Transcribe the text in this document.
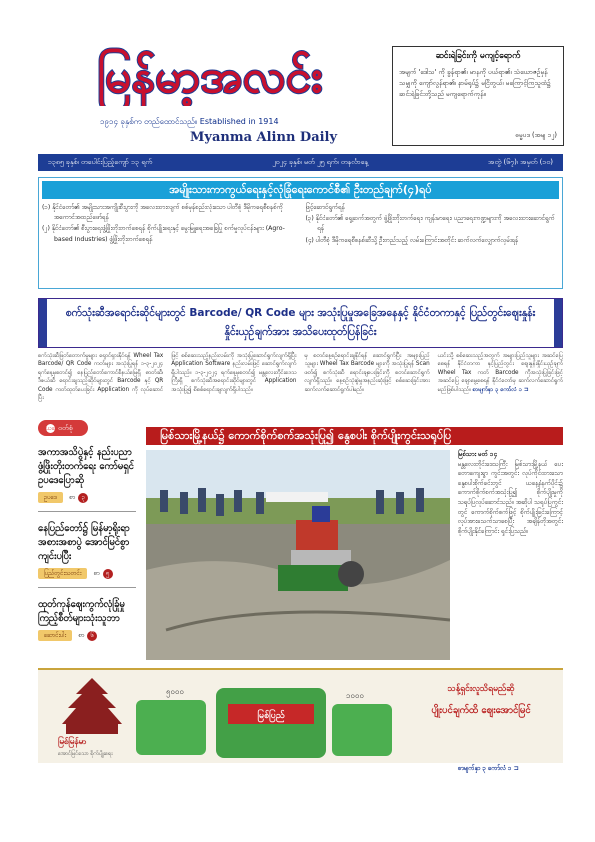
မြန်မာ့အလင်း
၁၉၁၄ ခုနှစ်က တည်ထောင်သည်။ Established in 1914
Myanma Alinn Daily
ဆင်းရဲခြင်းကို မကျင့်ရောက်
အမျက် 'ဒေါသ' ကို ခွန်ရာ၏၊ မာနကို ပယ်ရာ၏၊ သံယောဇဉ်မှန်သမျှကို ကျော်လွန်ရာ၏၊ နာမ်ရုပ်၌ မငြိတွယ်၊ မကြောင့်ကြသူထံ၌ ဆင်းရဲခြင်းတို့သည် မကျရောက်ကုန်။
ဓမ္မပဒ (အမျ ၁၂)
၁၃၈၅ ခုနှစ်၊ တပေါင်းပြည့်ကျော် ၁၃ ရက်	၂၀၂၄ ခုနှစ်၊ မတ် ၂၅ ရက်၊ တနင်္လာနေ့	အတွဲ (၆၇)၊ အမှတ် (၁၀)
အမျိုးသားကာကွယ်ရေးနှင့်လုံခြုံရေးကောင်စီ၏ ဦးတည်ချက်(၄)ရပ်

(၁) နိုင်ငံတော်၏ အမျိုးသားအကျိုးစီးပွားကို အလေးထားလျက် စစ်မှန်စည်းလုံးသော ပါတီစုံ ဒီမိုကရေစီစနစ်ကို အကောင်အထည်ဖော်ရန်

(၂) နိုင်ငံတော်၏ စီးပွားရေးဖွံ့ဖြိုးတိုးတက်စေရန် စိုက်ပျိုးရေးနှင့် မွေးမြူရေးအခြေပြု စက်မှုလုပ်ငန်းများ (Agro-based Industries) ဖွံ့ဖြိုးတိုးတက်စေရန်

ဖြင့်ဆောင်ရွက်ရန်

(၃) နိုင်ငံတော်၏ ရှေ့ဆက်အတွက် ဖွံ့ဖြိုးတိုးတက်ရေး၊ ကျန်းမာရေး၊ ပညာရေးကဏ္ဍများကို အလေးထားဆောင်ရွက်ရန်

(၄) ပါတီစုံ ဒီမိုကရေစီစနစ်ဆီသို့ ဦးတည်သည့် လမ်းကြောင်းအတိုင်း ဆက်လက်လျှောက်လှမ်းရန်

စက်သုံးဆီအရောင်းဆိုင်များတွင် Barcode/ QR Code များ အသုံးပြုမှုအခြေအနေနှင့် နိုင်ငံတကာနှင့် ပြည်တွင်းဈေးနှုန်းနှိုင်းယှဉ်ချက်အား အသိပေးထုတ်ပြန်ခြင်း
စက်သုံးဆီဖြတ်တောက်မှုများ ရှောင်ရှားနိုင်ရန် Wheel Tax Barcode/ QR Code ကတ်များ အသုံးပြုရန် ၁-၃-၂၀၂၄ ရက်နေ့မှစတင်၍ နေပြည်တော်ကောင်စီနယ်မြေရှိ ဓာတ်ဆီ၊ ဒီဇယ်ဆီ ရောင်းချသည့်ဆိုင်များတွင် Barcode နှင့် QR Code ကတ်ထုတ်ပေးခြင်း Application ကို လုပ်ဆောင်ပြီး
ဖြင့် စစ်ဆေးသည့်နည်းလမ်းကို အသုံးပြုဆောင်ရွက်လျက်ရှိပြီး Application Software နည်းလမ်းဖြင့် ဆောင်ရွက်လျက်ရှိပါသည်။ ၁-၃-၂၀၂၄ ရက်နေ့မှစတင်၍ မန္တလေးတိုင်းဒေသကြီးရှိ စက်သုံးဆီအရောင်းဆိုင်များတွင် Application အသုံးပြု၍ စိစစ်ရောင်းချလျက်ရှိပါသည်။
မှ စတင်နေ့စဉ်ရောင်းချနိုင်ရန် ဆောင်ရွက်ပြီး အများပြည်သူများ Wheel Tax Barcode များကို အသုံးပြုရန် Scan ဖတ်၍ စက်သုံးဆီ ရောင်းချပေးခြင်းကို စတင်ဆောင်ရွက်လျက်ရှိသည်။ နေ့စဉ်သုံးစွဲမှုအနည်းဆုံးဖြင့် စစ်ဆေးခြင်းအား ဆက်လက်ဆောင်ရွက်ပါမည်။
ယင်းသို့ စစ်ဆေးသည့်အတွက် အများပြည်သူများ အဆင်ပြေစေရန် နိုင်ငံတကာ နှင့်ပြည်တွင်း ဈေးနှုန်းနှိုင်းယှဉ်ချက် Wheel Tax ကတ် Barcode ကိုအသုံးပြုခြင်းဖြင့် အဆင်ပြေ ချောမွေ့စေရန် နိုင်ငံတော်မှ ဆက်လက်ဆောင်ရွက်မည်ဖြစ်ပါသည်။ စာမျက်နှာ ၃ ကော်လံ ၁ ⊐
ယနေ့ဝတ်စုံ
အကာအသိပွဲနှင့် နည်းပညာဖွံ့ဖြိုးတိုးတက်ရေး ကော်မရှင်ဥပဒေပြောဆို
ဥပဒေ	စာ	၃
နေပြည်တော်၌ မြန်မာ့ရိုးရာအစားအစာပွဲ အောင်မြင်စွာ ကျင်းပပြီး
ပြည်တွင်းသတင်း	စာ	၅
ထုတ်ကုန်ဈေးကွက်လုံခြုံမှု ကြည့်စီတ်များသုံးသူဘာ
ဆောင်းပါး	စာ	၆
မြစ်သားမြို့နယ်၌ ကောက်စိုက်စက်အသုံးပြု၍ နွေစပါး စိုက်ပျိုးကွင်းသရုပ်ပြ
မြစ်သား မတ် ၁၄
မန္တလေးတိုင်းဒေသကြီး မြစ်သားမြို့နယ် ပေးတောကျေးရွာ ကွင်းအတွင်း လုပ်ကိုင်ထားသော နွေစပါးစိုက်ခင်းတွင် ယနေ့နံနက်ပိုင်း၌ ကောက်စိုက်စက်အသုံးပြု၍ စိုက်ပျိုးမှုကို သရုပ်ပြလုပ်ဆောင်သည်။ အဆိုပါ သရုပ်ပြကွင်းတွင် ကောက်စိုက်စက်ဖြင့် စိုက်ပျိုးခြင်းကြောင့် လုပ်အားခသက်သာစေပြီး အချိန်တိုအတွင်း စိုက်ပျိုးနိုင်ကြောင်း ရှင်းပြသည်။
မြစ်မြန်မာ
အောင်မြင်သော စိုက်ပျိုးရေး
၅၀၀၀	၁၀၀၀
မြစ်ပြည်
သန့်ရှင်းလူသိရမည်ဆို
ပျိုးပင်ချက်ထိ ဈေးအောင်မြင်
စာမျက်နှာ ၃ ကော်လံ ၁ ⊐
